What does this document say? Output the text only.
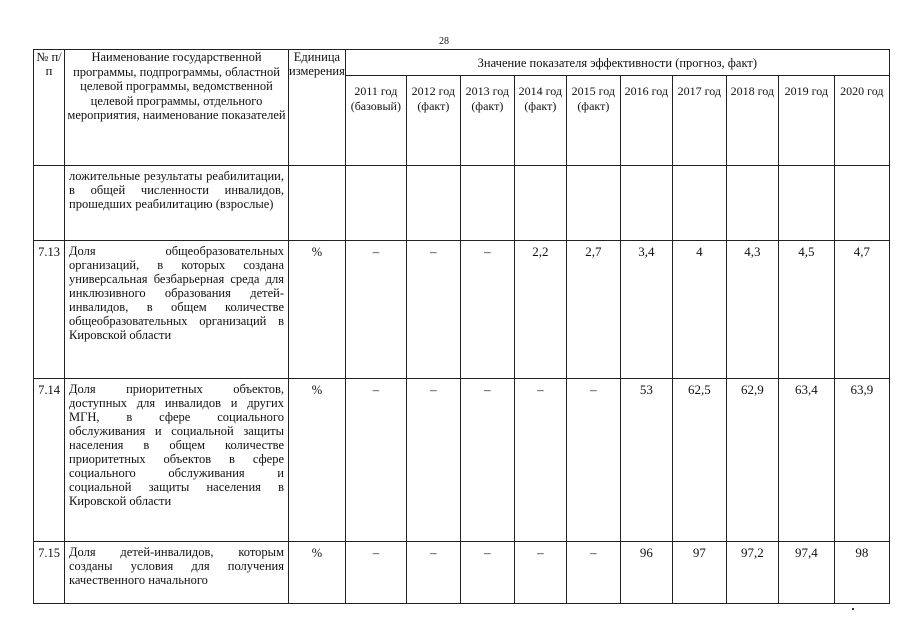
28
№ п/п	Наименование государственной программы, подпрограммы, областной целевой программы, ведомственной целевой программы, отдельного мероприятия, наименование показателей	Единица измерения	Значение показателя эффективности (прогноз, факт)									
			2011 год (базовый)	2012 год (факт)	2013 год (факт)	2014 год (факт)	2015 год (факт)	2016 год	2017 год	2018 год	2019 год	2020 год
	ложительные результаты реабилитации, в общей численности инвалидов, прошедших реабилитацию (взрослые)											
7.13	Доля общеобразовательных организаций, в которых создана универсальная безбарьерная среда для инклюзивного образования детей-инвалидов, в общем количестве общеобразовательных организаций в Кировской области	%	–	–	–	2,2	2,7	3,4	4	4,3	4,5	4,7
7.14	Доля приоритетных объектов, доступных для инвалидов и других МГН, в сфере социального обслуживания и социальной защиты населения в общем количестве приоритетных объектов в сфере социального обслуживания и социальной защиты населения в Кировской области	%	–	–	–	–	–	53	62,5	62,9	63,4	63,9
7.15	Доля детей-инвалидов, которым созданы условия для получения качественного начального	%	–	–	–	–	–	96	97	97,2	97,4	98
